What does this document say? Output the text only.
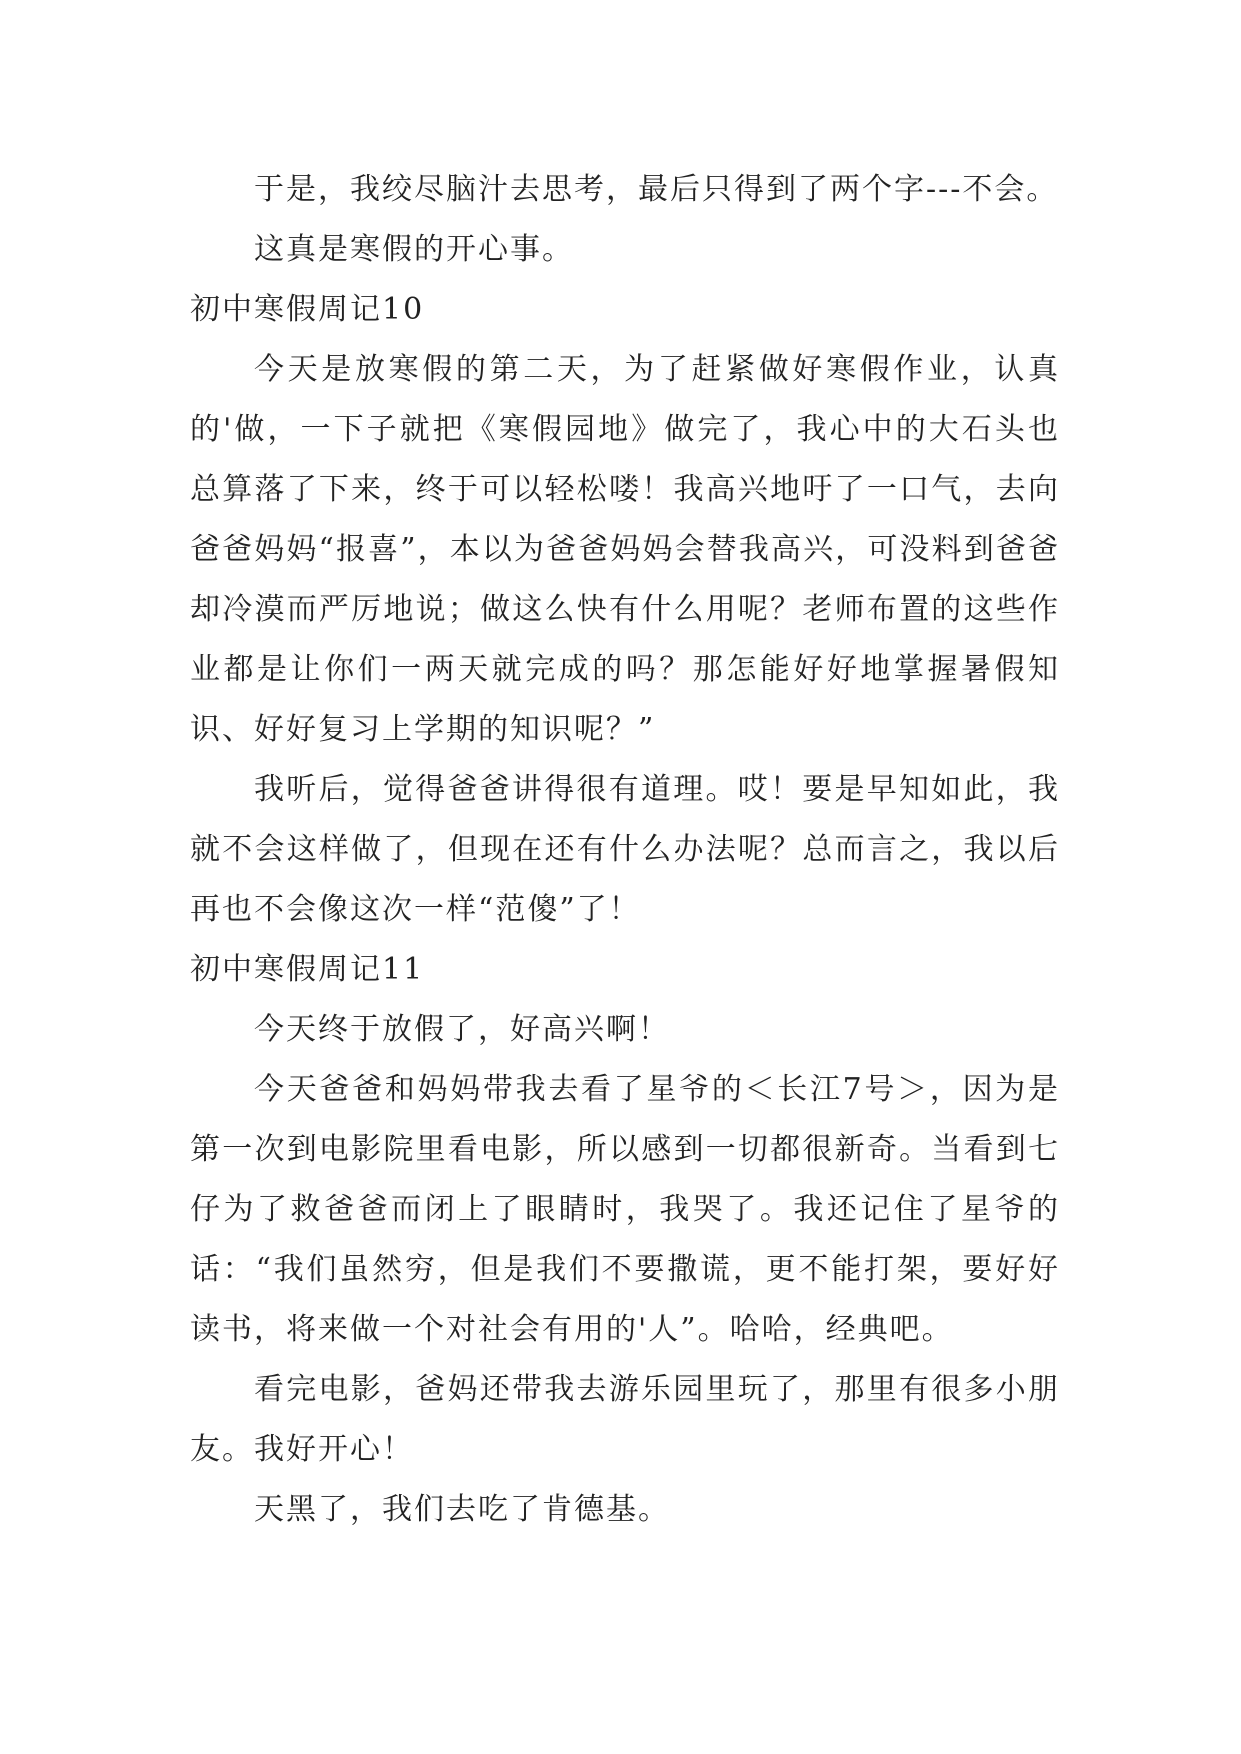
于是，我绞尽脑汁去思考，最后只得到了两个字---不会。

这真是寒假的开心事。

初中寒假周记10

今天是放寒假的第二天，为了赶紧做好寒假作业，认真的'做，一下子就把《寒假园地》做完了，我心中的大石头也总算落了下来，终于可以轻松喽！我高兴地吁了一口气，去向爸爸妈妈“报喜”，本以为爸爸妈妈会替我高兴，可没料到爸爸却冷漠而严厉地说；做这么快有什么用呢？老师布置的这些作业都是让你们一两天就完成的吗？那怎能好好地掌握暑假知识、好好复习上学期的知识呢？”

我听后，觉得爸爸讲得很有道理。哎！要是早知如此，我就不会这样做了，但现在还有什么办法呢？总而言之，我以后再也不会像这次一样“范傻”了！

初中寒假周记11

今天终于放假了，好高兴啊！

今天爸爸和妈妈带我去看了星爷的＜长江7号＞，因为是第一次到电影院里看电影，所以感到一切都很新奇。当看到七仔为了救爸爸而闭上了眼睛时，我哭了。我还记住了星爷的话：“我们虽然穷，但是我们不要撒谎，更不能打架，要好好读书，将来做一个对社会有用的'人”。哈哈，经典吧。

看完电影，爸妈还带我去游乐园里玩了，那里有很多小朋友。我好开心！

天黑了，我们去吃了肯德基。
